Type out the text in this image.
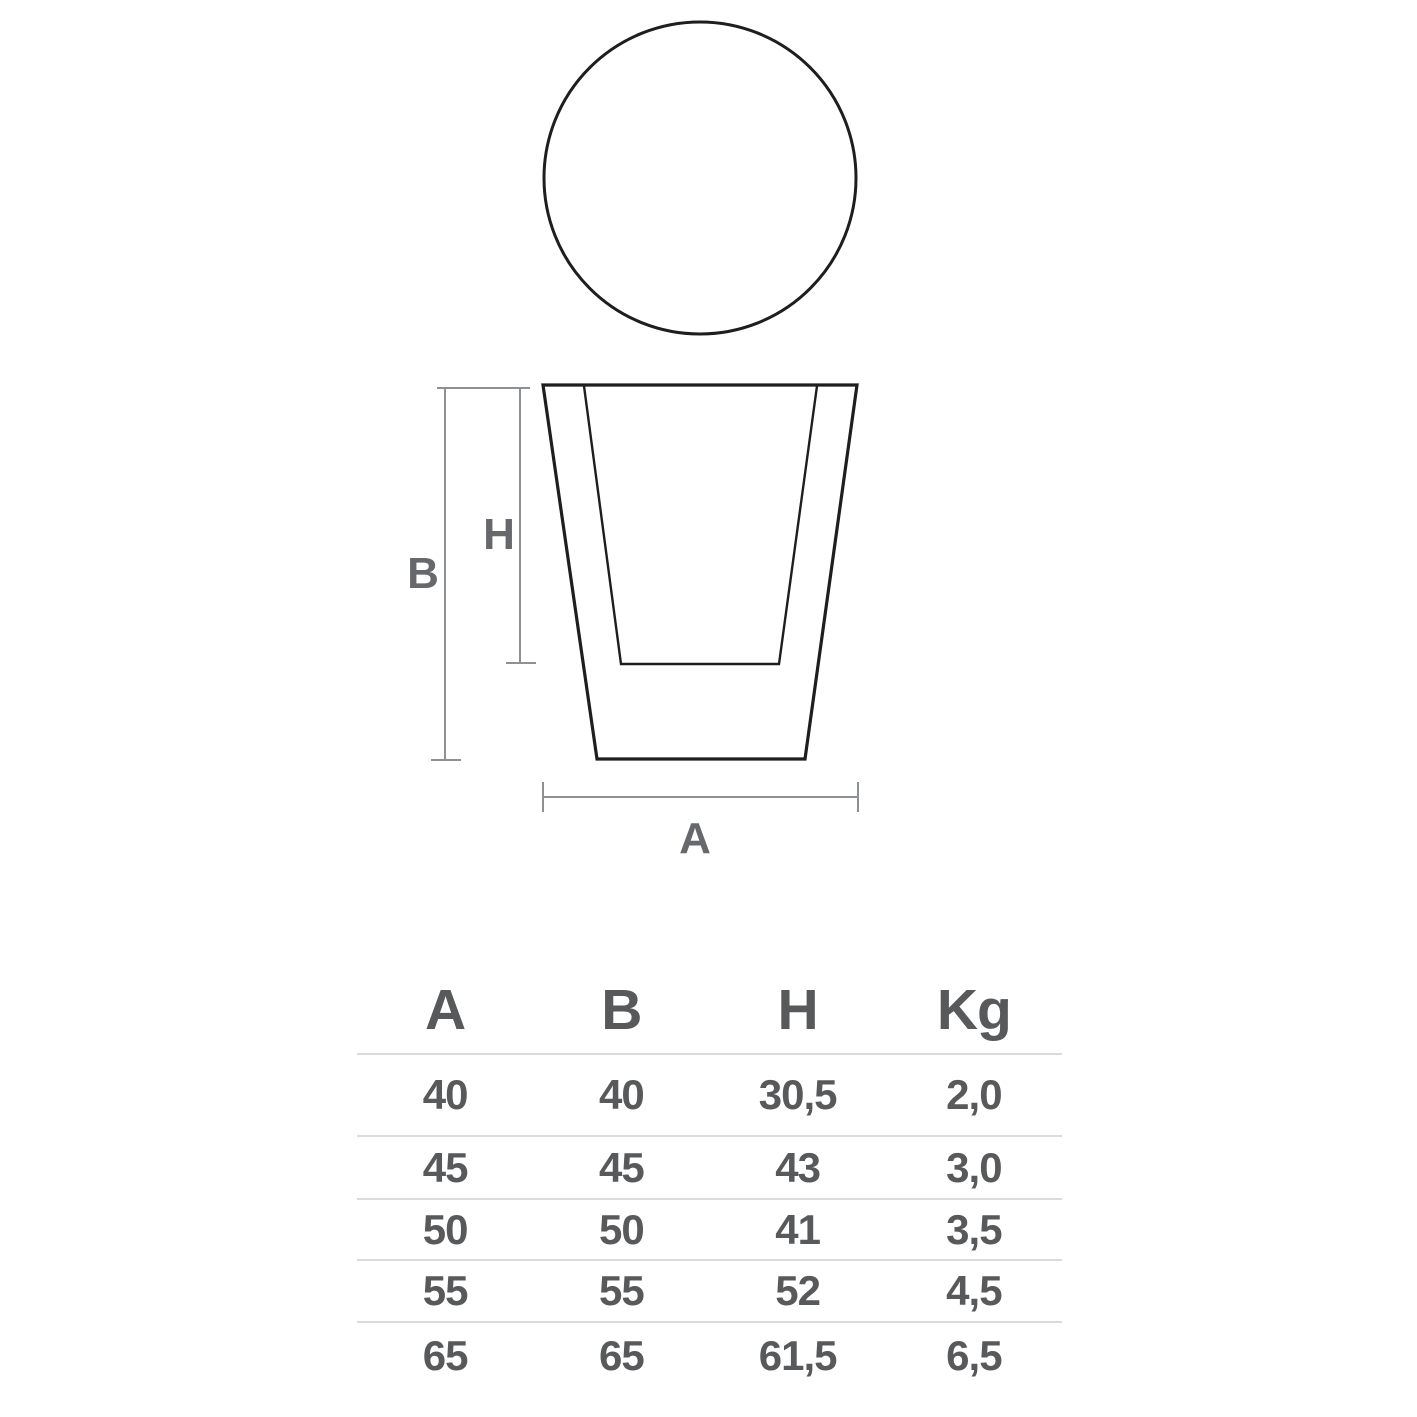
B
H
A
A	B	H	Kg
40	40	30,5	2,0
45	45	43	3,0
50	50	41	3,5
55	55	52	4,5
65	65	61,5	6,5
